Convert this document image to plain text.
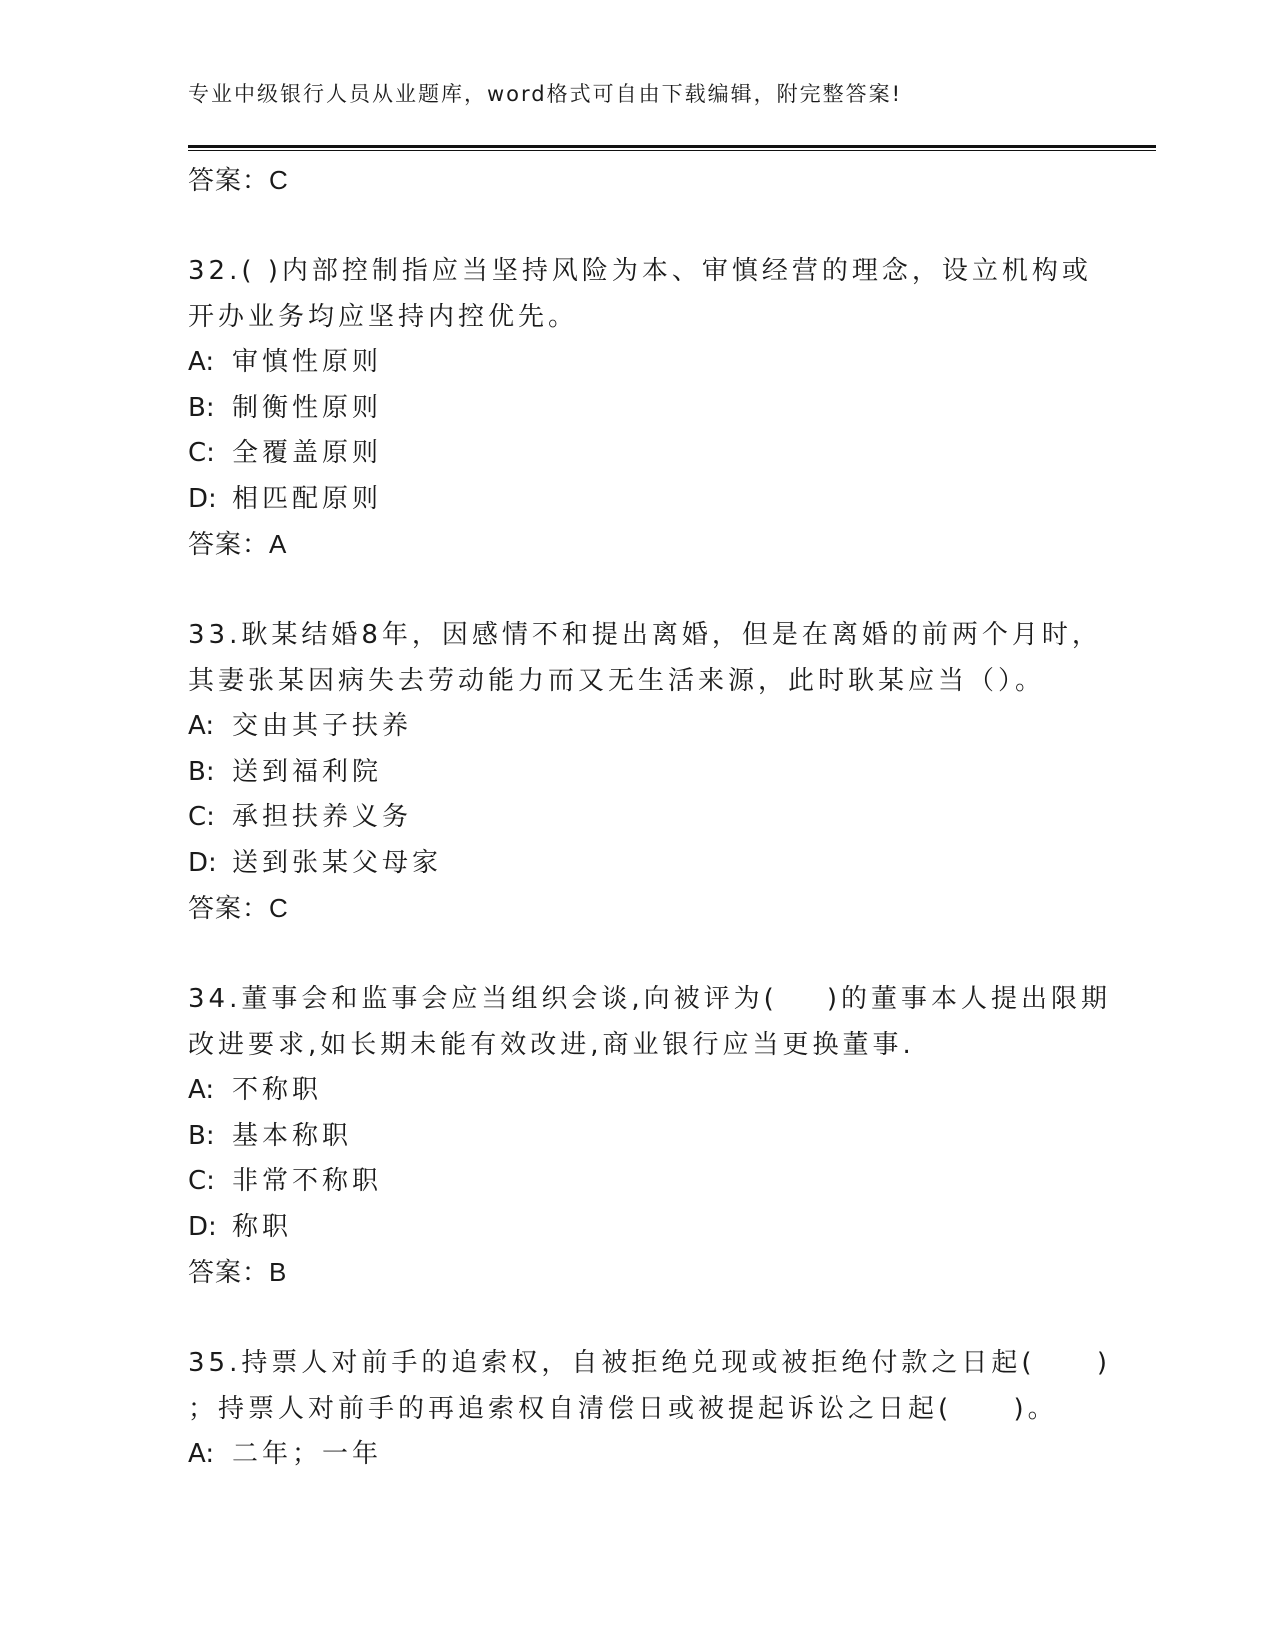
专业中级银行人员从业题库，word格式可自由下载编辑，附完整答案!
答案：C
32.( )内部控制指应当坚持风险为本、审慎经营的理念，设立机构或
开办业务均应坚持内控优先。
A: 审慎性原则
B: 制衡性原则
C: 全覆盖原则
D: 相匹配原则
答案：A
33.耿某结婚8年，因感情不和提出离婚，但是在离婚的前两个月时，
其妻张某因病失去劳动能力而又无生活来源，此时耿某应当（）。
A: 交由其子扶养
B: 送到福利院
C: 承担扶养义务
D: 送到张某父母家
答案：C
34.董事会和监事会应当组织会谈,向被评为(    )的董事本人提出限期
改进要求,如长期未能有效改进,商业银行应当更换董事.
A: 不称职
B: 基本称职
C: 非常不称职
D: 称职
答案：B
35.持票人对前手的追索权，自被拒绝兑现或被拒绝付款之日起(     )
；持票人对前手的再追索权自清偿日或被提起诉讼之日起(     )。
A: 二年；一年
